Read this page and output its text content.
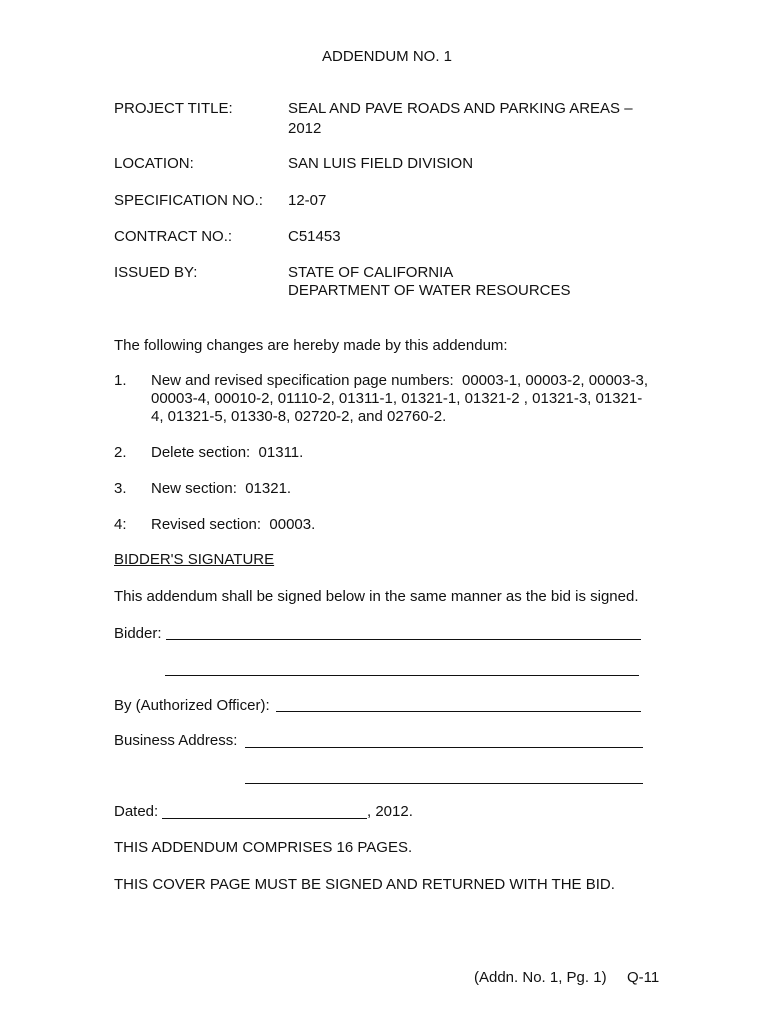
ADDENDUM NO. 1
PROJECT TITLE:	SEAL AND PAVE ROADS AND PARKING AREAS –
2012
LOCATION:	SAN LUIS FIELD DIVISION
SPECIFICATION NO.: 12-07
CONTRACT NO.:	C51453
ISSUED BY:	STATE OF CALIFORNIA
DEPARTMENT OF WATER RESOURCES
The following changes are hereby made by this addendum:
1. New and revised specification page numbers:  00003-1, 00003-2, 00003-3,
00003-4, 00010-2, 01110-2, 01311-1, 01321-1, 01321-2 , 01321-3, 01321-
4, 01321-5, 01330-8, 02720-2, and 02760-2.
2. Delete section:  01311.
3. New section:  01321.
4: Revised section:  00003.
BIDDER'S SIGNATURE
This addendum shall be signed below in the same manner as the bid is signed.
Bidder:
By (Authorized Officer):
Business Address:
Dated:	, 2012.
THIS ADDENDUM COMPRISES 16 PAGES.
THIS COVER PAGE MUST BE SIGNED AND RETURNED WITH THE BID.
(Addn. No. 1, Pg. 1) Q-11
